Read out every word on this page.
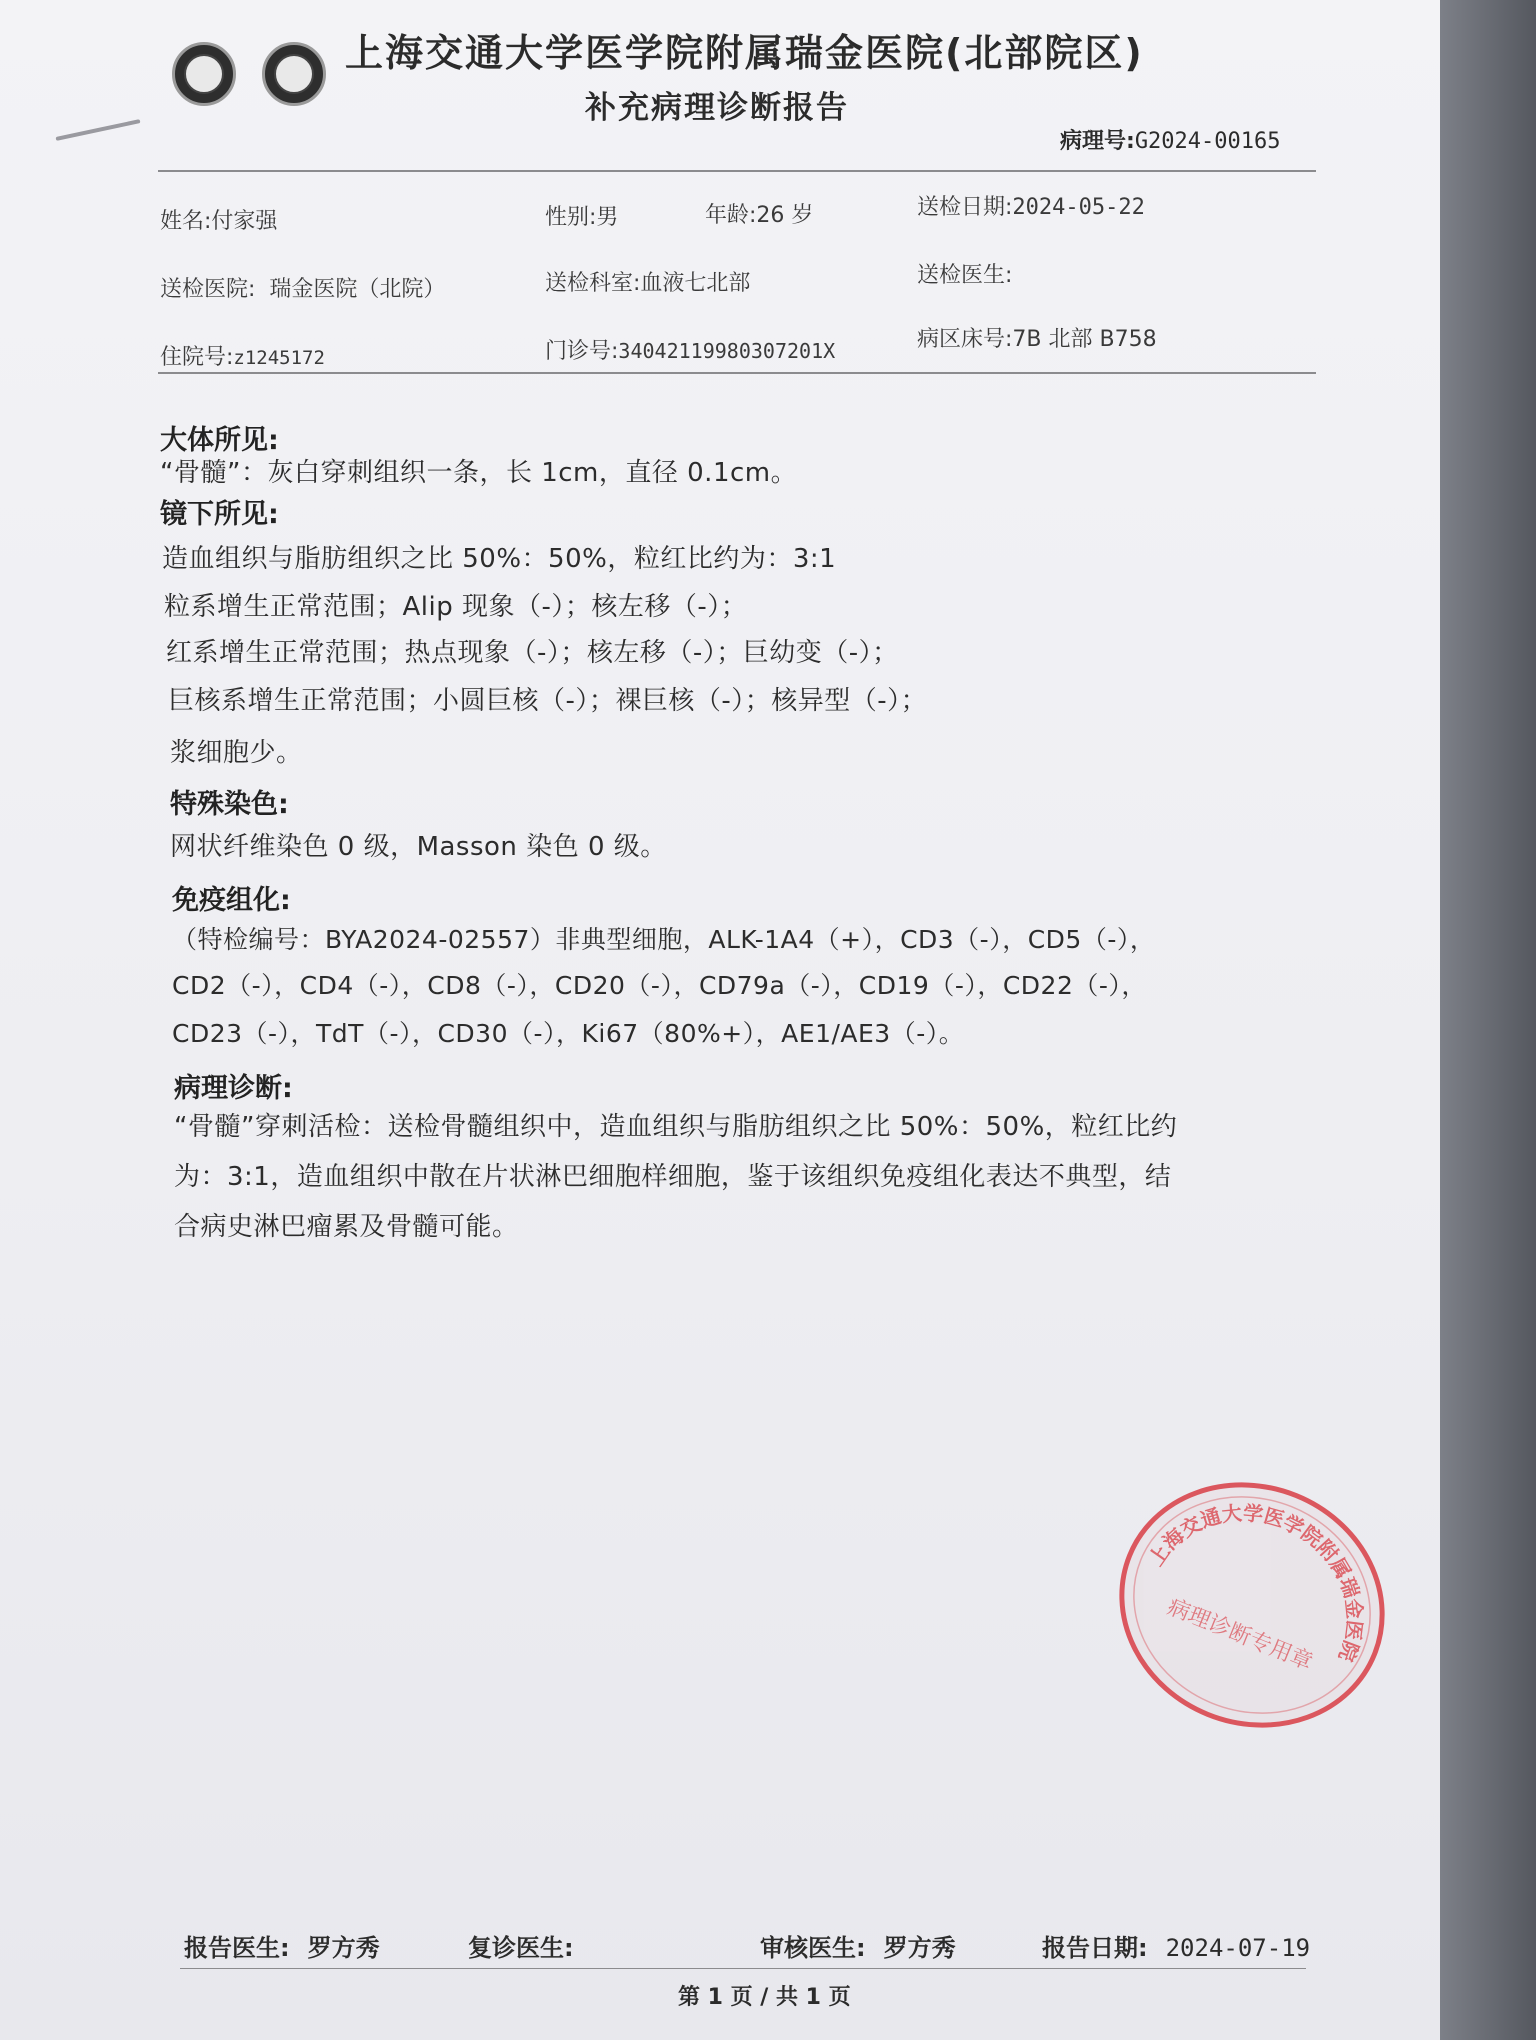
上海交通大学医学院附属瑞金医院(北部院区)
补充病理诊断报告
病理号:G2024-00165
姓名:付家强	性别:男	年龄:26 岁	送检日期:2024-05-22
送检医院: 瑞金医院（北院）	送检科室:血液七北部	送检医生:
住院号:z1245172	门诊号:34042119980307201X	病区床号:7B 北部 B758
大体所见:
“骨髓”：灰白穿刺组织一条，长 1cm，直径 0.1cm。
镜下所见:
造血组织与脂肪组织之比 50%：50%，粒红比约为：3:1
粒系增生正常范围；Alip 现象（-）；核左移（-）；
红系增生正常范围；热点现象（-）；核左移（-）；巨幼变（-）；
巨核系增生正常范围；小圆巨核（-）；裸巨核（-）；核异型（-）；
浆细胞少。
特殊染色:
网状纤维染色 0 级，Masson 染色 0 级。
免疫组化:
（特检编号：BYA2024-02557）非典型细胞，ALK-1A4（+），CD3（-），CD5（-），
CD2（-），CD4（-），CD8（-），CD20（-），CD79a（-），CD19（-），CD22（-），
CD23（-），TdT（-），CD30（-），Ki67（80%+），AE1/AE3（-）。
病理诊断:
“骨髓”穿刺活检：送检骨髓组织中，造血组织与脂肪组织之比 50%：50%，粒红比约
为：3:1，造血组织中散在片状淋巴细胞样细胞，鉴于该组织免疫组化表达不典型，结
合病史淋巴瘤累及骨髓可能。
上海交通大学医学院附属瑞金医院
病理诊断专用章
报告医生: 罗方秀	复诊医生:	审核医生: 罗方秀	报告日期: 2024-07-19
第 1 页 / 共 1 页
